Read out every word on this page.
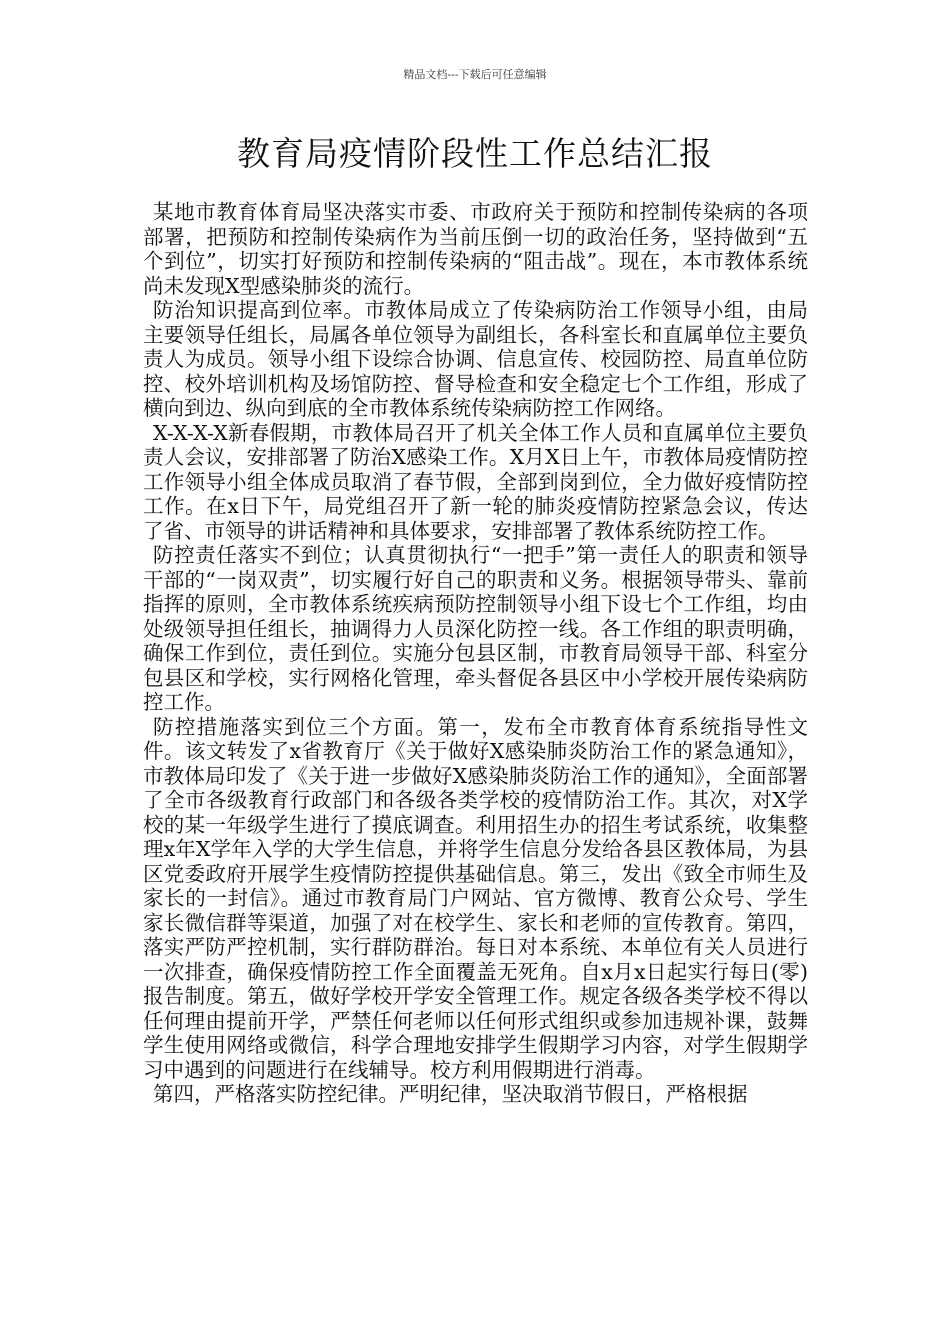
精品文档---下载后可任意编辑
教育局疫情阶段性工作总结汇报

某地市教育体育局坚决落实市委、市政府关于预防和控制传染病的各项部署，把预防和控制传染病作为当前压倒一切的政治任务，坚持做到“五个到位”，切实打好预防和控制传染病的“阻击战”。现在，本市教体系统尚未发现X型感染肺炎的流行。

防治知识提高到位率。市教体局成立了传染病防治工作领导小组，由局主要领导任组长，局属各单位领导为副组长，各科室长和直属单位主要负责人为成员。领导小组下设综合协调、信息宣传、校园防控、局直单位防控、校外培训机构及场馆防控、督导检查和安全稳定七个工作组，形成了横向到边、纵向到底的全市教体系统传染病防控工作网络。

X-X-X-X新春假期，市教体局召开了机关全体工作人员和直属单位主要负责人会议，安排部署了防治X感染工作。X月X日上午，市教体局疫情防控工作领导小组全体成员取消了春节假，全部到岗到位，全力做好疫情防控工作。在x日下午，局党组召开了新一轮的肺炎疫情防控紧急会议，传达了省、市领导的讲话精神和具体要求，安排部署了教体系统防控工作。

防控责任落实不到位；认真贯彻执行“一把手”第一责任人的职责和领导干部的“一岗双责”，切实履行好自己的职责和义务。根据领导带头、靠前指挥的原则，全市教体系统疾病预防控制领导小组下设七个工作组，均由处级领导担任组长，抽调得力人员深化防控一线。各工作组的职责明确，确保工作到位，责任到位。实施分包县区制，市教育局领导干部、科室分包县区和学校，实行网格化管理，牵头督促各县区中小学校开展传染病防控工作。

防控措施落实到位三个方面。第一，发布全市教育体育系统指导性文件。该文转发了x省教育厅《关于做好X感染肺炎防治工作的紧急通知》，市教体局印发了《关于进一步做好X感染肺炎防治工作的通知》，全面部署了全市各级教育行政部门和各级各类学校的疫情防治工作。其次，对X学校的某一年级学生进行了摸底调查。利用招生办的招生考试系统，收集整理x年X学年入学的大学生信息，并将学生信息分发给各县区教体局，为县区党委政府开展学生疫情防控提供基础信息。第三，发出《致全市师生及家长的一封信》。通过市教育局门户网站、官方微博、教育公众号、学生家长微信群等渠道，加强了对在校学生、家长和老师的宣传教育。第四，落实严防严控机制，实行群防群治。每日对本系统、本单位有关人员进行一次排查，确保疫情防控工作全面覆盖无死角。自x月x日起实行每日(零)报告制度。第五，做好学校开学安全管理工作。规定各级各类学校不得以任何理由提前开学，严禁任何老师以任何形式组织或参加违规补课，鼓舞学生使用网络或微信，科学合理地安排学生假期学习内容，对学生假期学习中遇到的问题进行在线辅导。校方利用假期进行消毒。

第四，严格落实防控纪律。严明纪律，坚决取消节假日，严格根据
